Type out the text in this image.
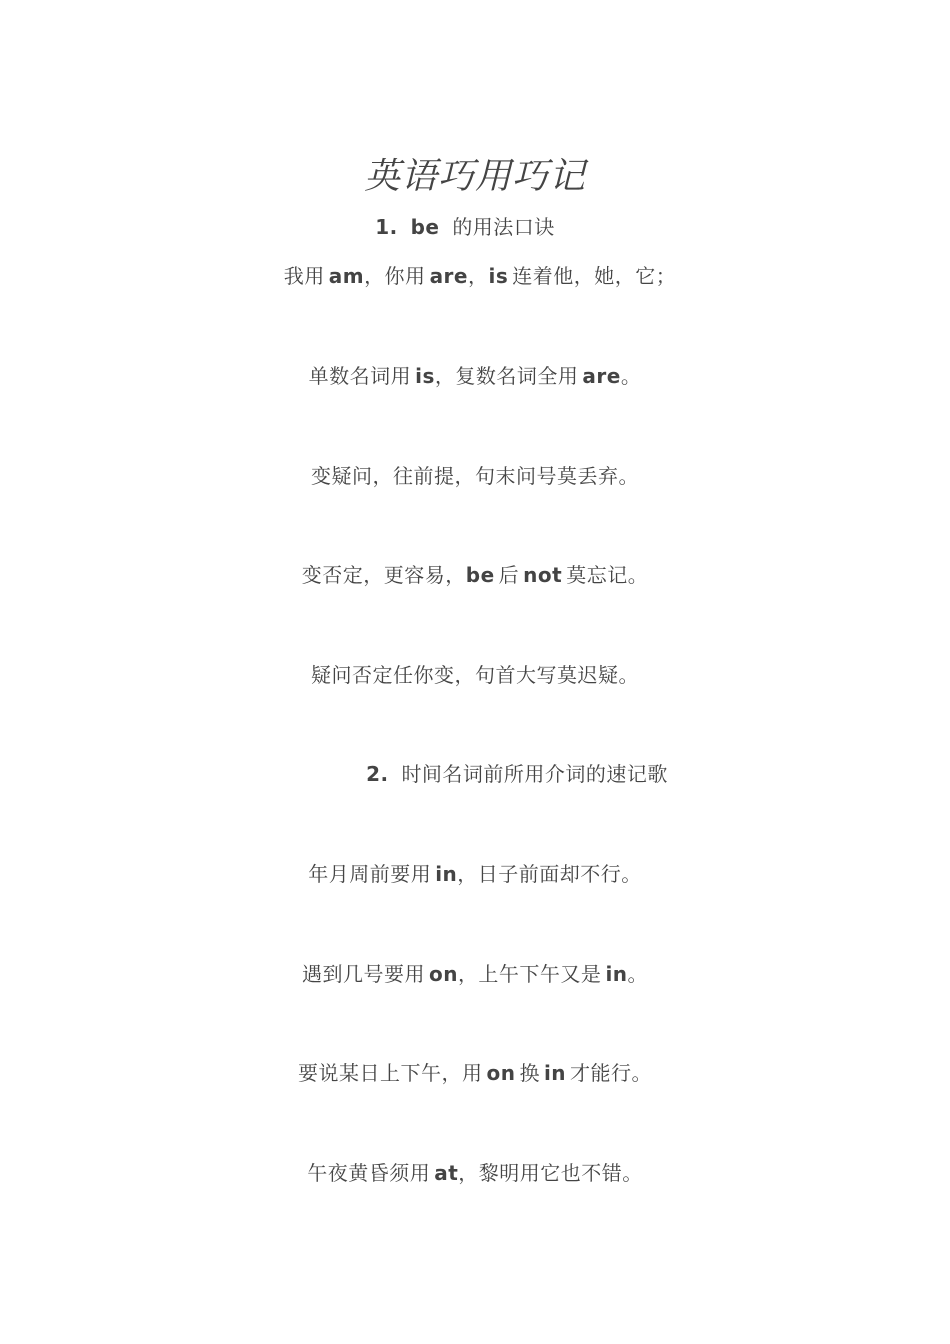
英语巧用巧记
1. be 的用法口诀
我用 am，你用 are，is 连着他，她，它；
单数名词用 is，复数名词全用 are。
变疑问，往前提，句末问号莫丢弃。
变否定，更容易，be 后 not 莫忘记。
疑问否定任你变，句首大写莫迟疑。
2. 时间名词前所用介词的速记歌
年月周前要用 in，日子前面却不行。
遇到几号要用 on，上午下午又是 in。
要说某日上下午，用 on 换 in 才能行。
午夜黄昏须用 at，黎明用它也不错。
